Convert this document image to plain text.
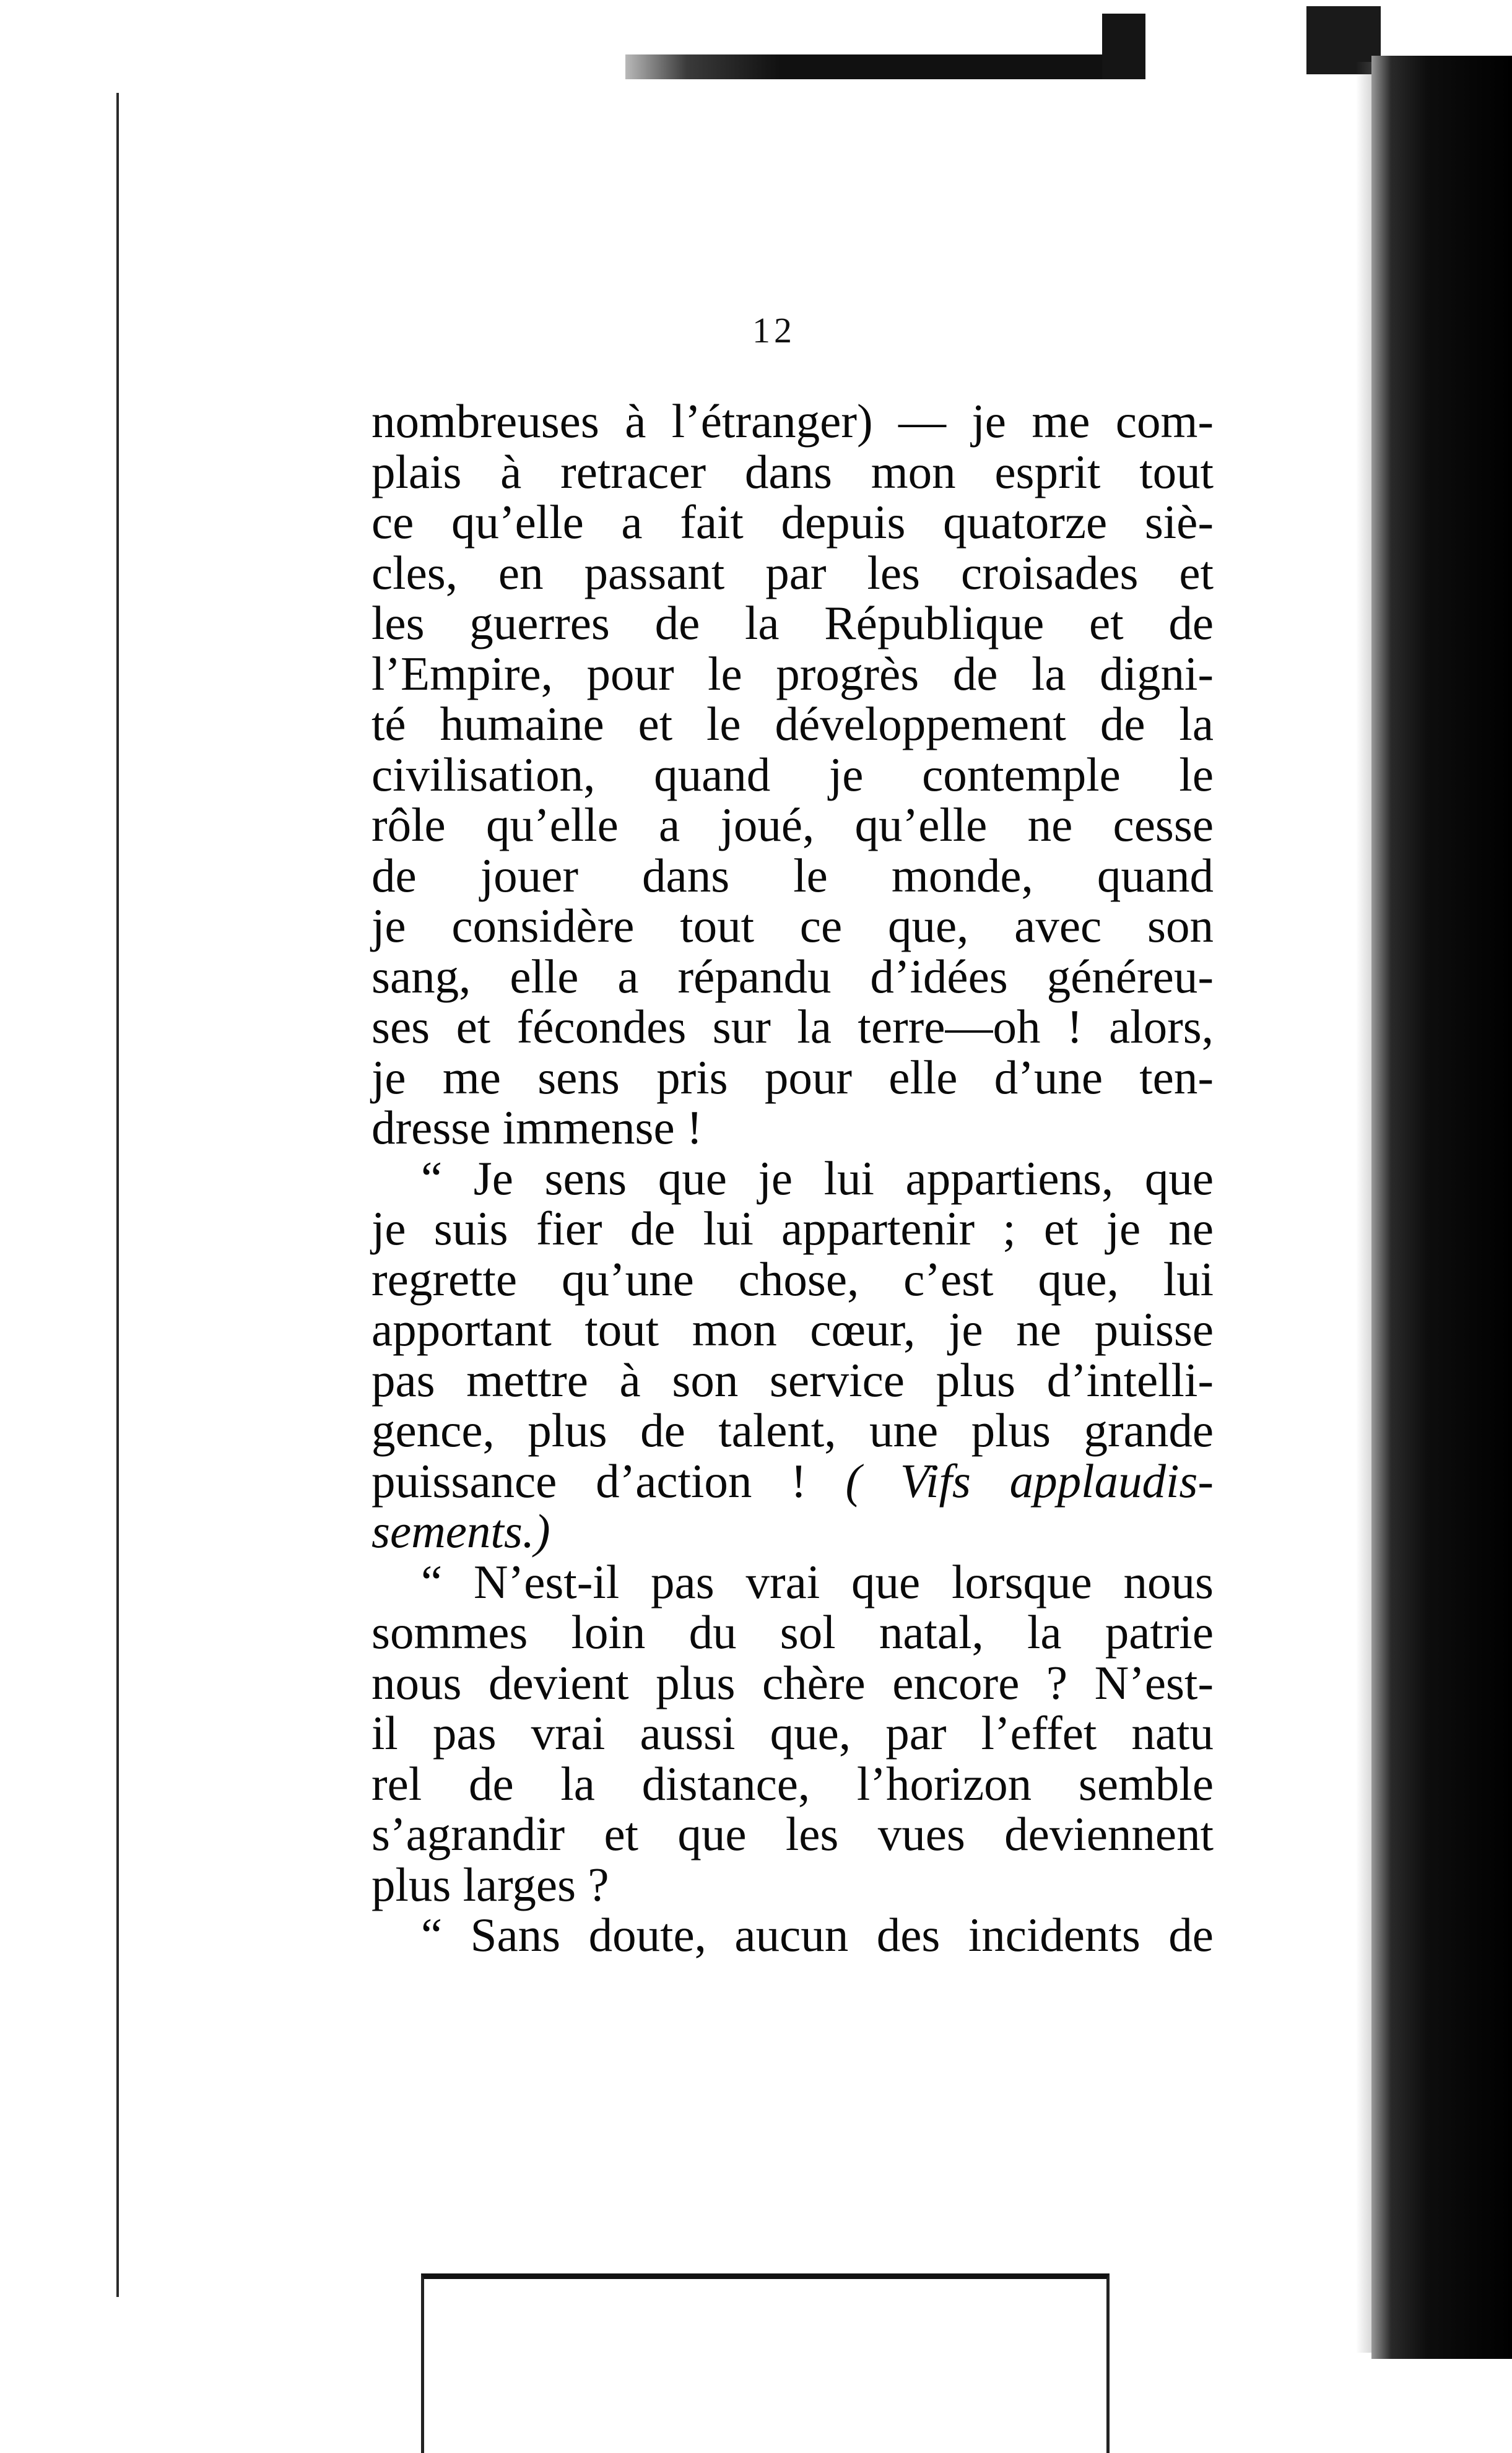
12
nombreuses à l’étranger) — je me com-
plais à retracer dans mon esprit tout
ce qu’elle a fait depuis quatorze siè-
cles, en passant par les croisades et
les guerres de la République et de
l’Empire, pour le progrès de la digni-
té humaine et le développement de la
civilisation, quand je contemple le
rôle qu’elle a joué, qu’elle ne cesse
de jouer dans le monde, quand
je considère tout ce que, avec son
sang, elle a répandu d’idées généreu-
ses et fécondes sur la terre—oh ! alors,
je me sens pris pour elle d’une ten-
dresse immense !
“ Je sens que je lui appartiens, que
je suis fier de lui appartenir ; et je ne
regrette qu’une chose, c’est que, lui
apportant tout mon cœur, je ne puisse
pas mettre à son service plus d’intelli-
gence, plus de talent, une plus grande
puissance d’action ! ( Vifs applaudis-
sements.)
“ N’est-il pas vrai que lorsque nous
sommes loin du sol natal, la patrie
nous devient plus chère encore ? N’est-
il pas vrai aussi que, par l’effet natu
rel de la distance, l’horizon semble
s’agrandir et que les vues deviennent
plus larges ?
“ Sans doute, aucun des incidents de
